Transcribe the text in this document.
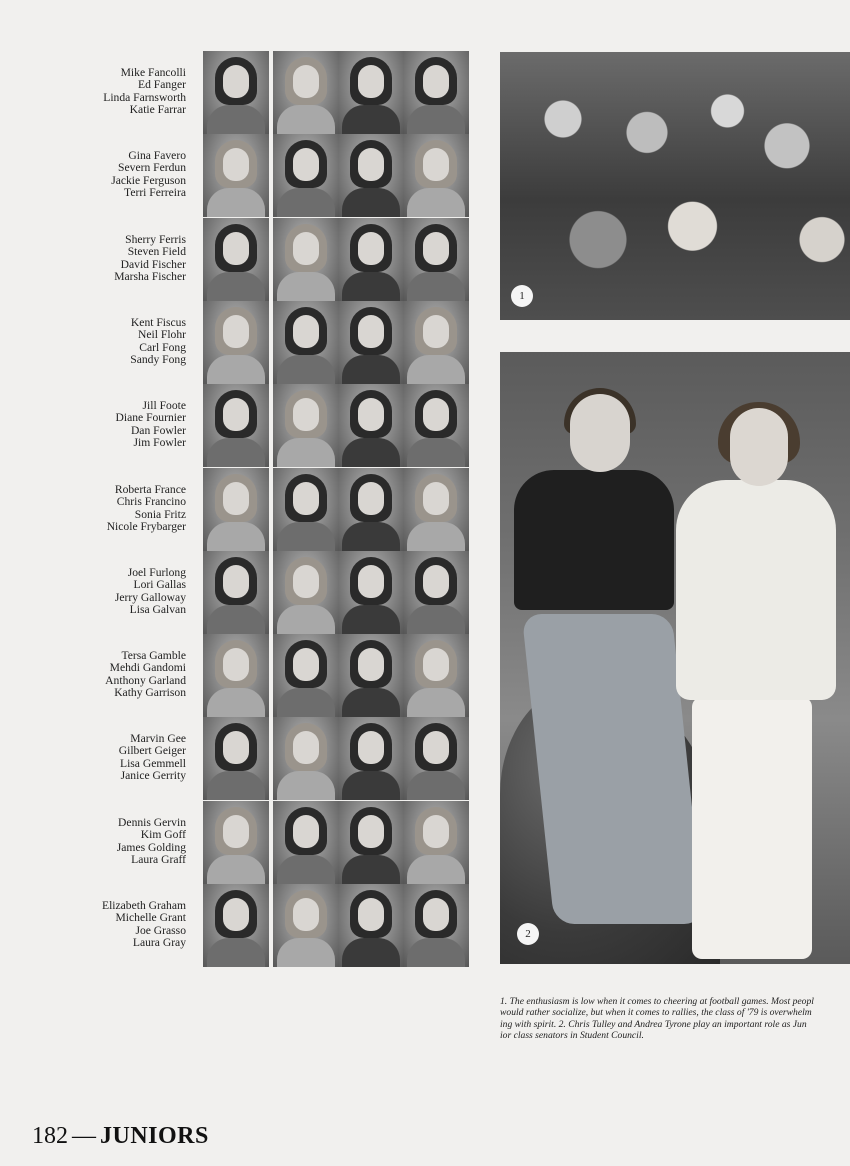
Mike Fancolli
Ed Fanger
Linda Farnsworth
Katie Farrar
Gina Favero
Severn Ferdun
Jackie Ferguson
Terri Ferreira
Sherry Ferris
Steven Field
David Fischer
Marsha Fischer
Kent Fiscus
Neil Flohr
Carl Fong
Sandy Fong
Jill Foote
Diane Fournier
Dan Fowler
Jim Fowler
Roberta France
Chris Francino
Sonia Fritz
Nicole Frybarger
Joel Furlong
Lori Gallas
Jerry Galloway
Lisa Galvan
Tersa Gamble
Mehdi Gandomi
Anthony Garland
Kathy Garrison
Marvin Gee
Gilbert Geiger
Lisa Gemmell
Janice Gerrity
Dennis Gervin
Kim Goff
James Golding
Laura Graff
Elizabeth Graham
Michelle Grant
Joe Grasso
Laura Gray
1
2
1. The enthusiasm is low when it comes to cheering at football games. Most peopl
would rather socialize, but when it comes to rallies, the class of '79 is overwhelm
ing with spirit. 2. Chris Tulley and Andrea Tyrone play an important role as Jun
ior class senators in Student Council.
182 — JUNIORS
